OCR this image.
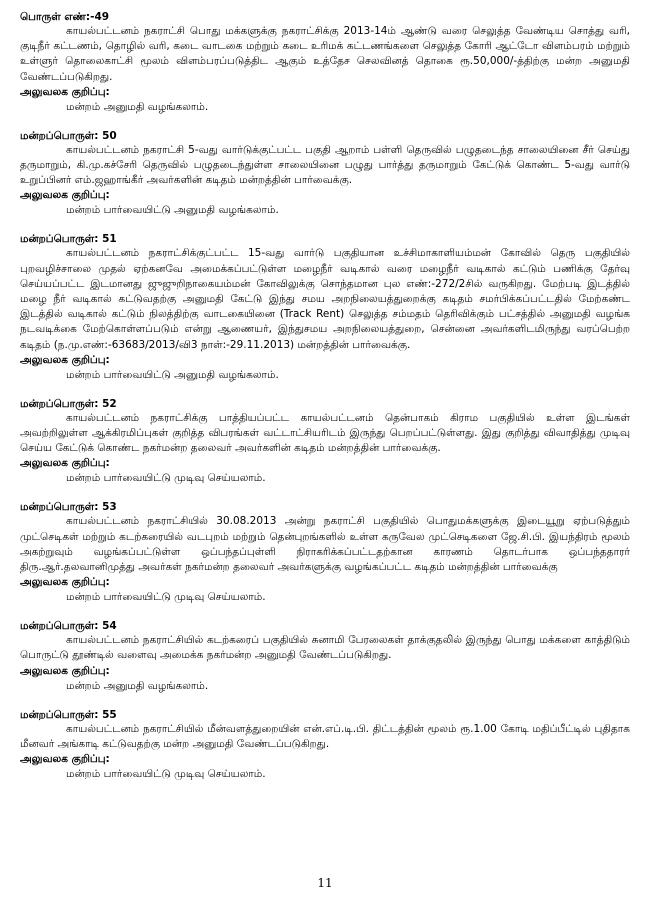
பொருள் எண்:-49

காயல்பட்டனம் நகராட்சி பொது மக்களுக்கு நகராட்சிக்கு 2013-14ம் ஆண்டு வரை செலுத்த வேண்டிய சொத்து வரி, குடிநீர் கட்டணம், தொழில் வரி, கடை வாடகை மற்றும் கடை உரிமக் கட்டணங்களை செலுத்த கோரி ஆட்டோ விளம்பரம் மற்றும் உள்ளுர் தொலைகாட்சி மூலம் விளம்பரப்படுத்திட ஆகும் உத்தேச செலவினத் தொகை ரூ.50,000/-த்திற்கு மன்ற அனுமதி வேண்டப்படுகிறது.

அலுவலக குறிப்பு:

மன்றம் அனுமதி வழங்கலாம்.

மன்றப்பொருள்: 50

காயல்பட்டனம் நகராட்சி 5-வது வார்டுக்குட்பட்ட பகுதி ஆறாம் பள்ளி தெருவில் பழுதடைந்த சாலையினை சீர் செய்து தருமாறும், கி.மு.கச்சேரி தெருவில் பழுதடைந்துள்ள சாலையினை பழுது பார்த்து தருமாறும் கேட்டுக் கொண்ட 5-வது வார்டு உறுப்பினர் எம்.ஜஹாங்கீர் அவர்களின் கடிதம் மன்றத்தின் பார்வைக்கு.

அலுவலக குறிப்பு:

மன்றம் பார்வையிட்டு அனுமதி வழங்கலாம்.

மன்றப்பொருள்: 51

காயல்பட்டனம் நகராட்சிக்குட்பட்ட 15-வது வார்டு பகுதியான உச்சிமாகாளியம்மன் கோவில் தெரு பகுதியில் புறவழிச்சாலை முதல் ஏற்கனவே அமைக்கப்பட்டுள்ள மழைநீர் வடிகால் வரை மழைநீர் வடிகால் கட்டும் பணிக்கு தேர்வு செய்யப்பட்ட இடமானது ஜுஜுறிநாகையம்மன் கோவிலுக்கு சொந்தமான புல எண்:-272/2சில் வருகிறது. மேற்படி இடத்தில் மழை நீர் வடிகால் கட்டுவதற்கு அனுமதி கேட்டு இந்து சமய அறநிலையத்துறைக்கு கடிதம் சமர்பிக்கப்பட்டதில் மேற்கண்ட இடத்தில் வடிகால் கட்டும் நிலத்திற்கு வாடகையினை (Track Rent) செலுத்த சம்மதம் தெரிவிக்கும் பட்சத்தில் அனுமதி வழங்க நடவடிக்கை மேற்கொள்ளப்படும் என்று ஆணையர், இந்துசமய அறநிலையத்துறை, சென்னை அவர்களிடமிருந்து வரப்பெற்ற கடிதம் (ந.மு.எண்:-63683/2013/வி3 நாள்:-29.11.2013) மன்றத்தின் பார்வைக்கு.

அலுவலக குறிப்பு:

மன்றம் பார்வையிட்டு அனுமதி வழங்கலாம்.

மன்றப்பொருள்: 52

காயல்பட்டனம் நகராட்சிக்கு பாத்தியப்பட்ட காயல்பட்டனம் தென்பாகம் கிராம பகுதியில் உள்ள இடங்கள் அவற்றிலுள்ள ஆக்கிரமிப்புகள் குறித்த விபரங்கள் வட்டாட்சியரிடம் இருந்து பெறப்பட்டுள்ளது. இது குறித்து விவாதித்து முடிவு செய்ய கேட்டுக் கொண்ட நகர்மன்ற தலைவர் அவர்களின் கடிதம் மன்றத்தின் பார்வைக்கு.

அலுவலக குறிப்பு:

மன்றம் பார்வையிட்டு முடிவு செய்யலாம்.

மன்றப்பொருள்: 53

காயல்பட்டனம் நகராட்சியில் 30.08.2013 அன்று நகராட்சி பகுதியில் பொதுமக்களுக்கு இடையூறு ஏற்படுத்தும் முட்செடிகள் மற்றும் கடற்கரையில் வடபுறம் மற்றும் தென்புறங்களில் உள்ள கருவேல முட்செடிகளை ஜே.சி.பி. இயந்திரம் மூலம் அகற்றுவும் வழங்கப்பட்டுள்ள ஒப்பந்தப்புள்ளி நிராகரிக்கப்பட்டதற்கான காரணம் தொடர்பாக ஒப்பந்ததாரர் திரு.ஆர்.தலவானிமுத்து அவர்கள் நகர்மன்ற தலைவர் அவர்களுக்கு வழங்கப்பட்ட கடிதம் மன்றத்தின் பார்வைக்கு

அலுவலக குறிப்பு:

மன்றம் பார்வையிட்டு முடிவு செய்யலாம்.

மன்றப்பொருள்: 54

காயல்பட்டனம் நகராட்சியில் கடற்கரைப் பகுதியில் சுனாமி பேரலைகள் தாக்குதலில் இருந்து பொது மக்களை காத்திடும் பொருட்டு தூண்டில் வளைவு அமைக்க நகர்மன்ற அனுமதி வேண்டப்படுகிறது.

அலுவலக குறிப்பு:

மன்றம் அனுமதி வழங்கலாம்.

மன்றப்பொருள்: 55

காயல்பட்டனம் நகராட்சியில் மீன்வளத்துறையின் என்.எப்.டி.பி. திட்டத்தின் மூலம் ரூ.1.00 கோடி மதிப்பீட்டில் புதிதாக மீனவர் அங்காடி கட்டுவதற்கு மன்ற அனுமதி வேண்டப்படுகிறது.

அலுவலக குறிப்பு:

மன்றம் பார்வையிட்டு முடிவு செய்யலாம்.

11
